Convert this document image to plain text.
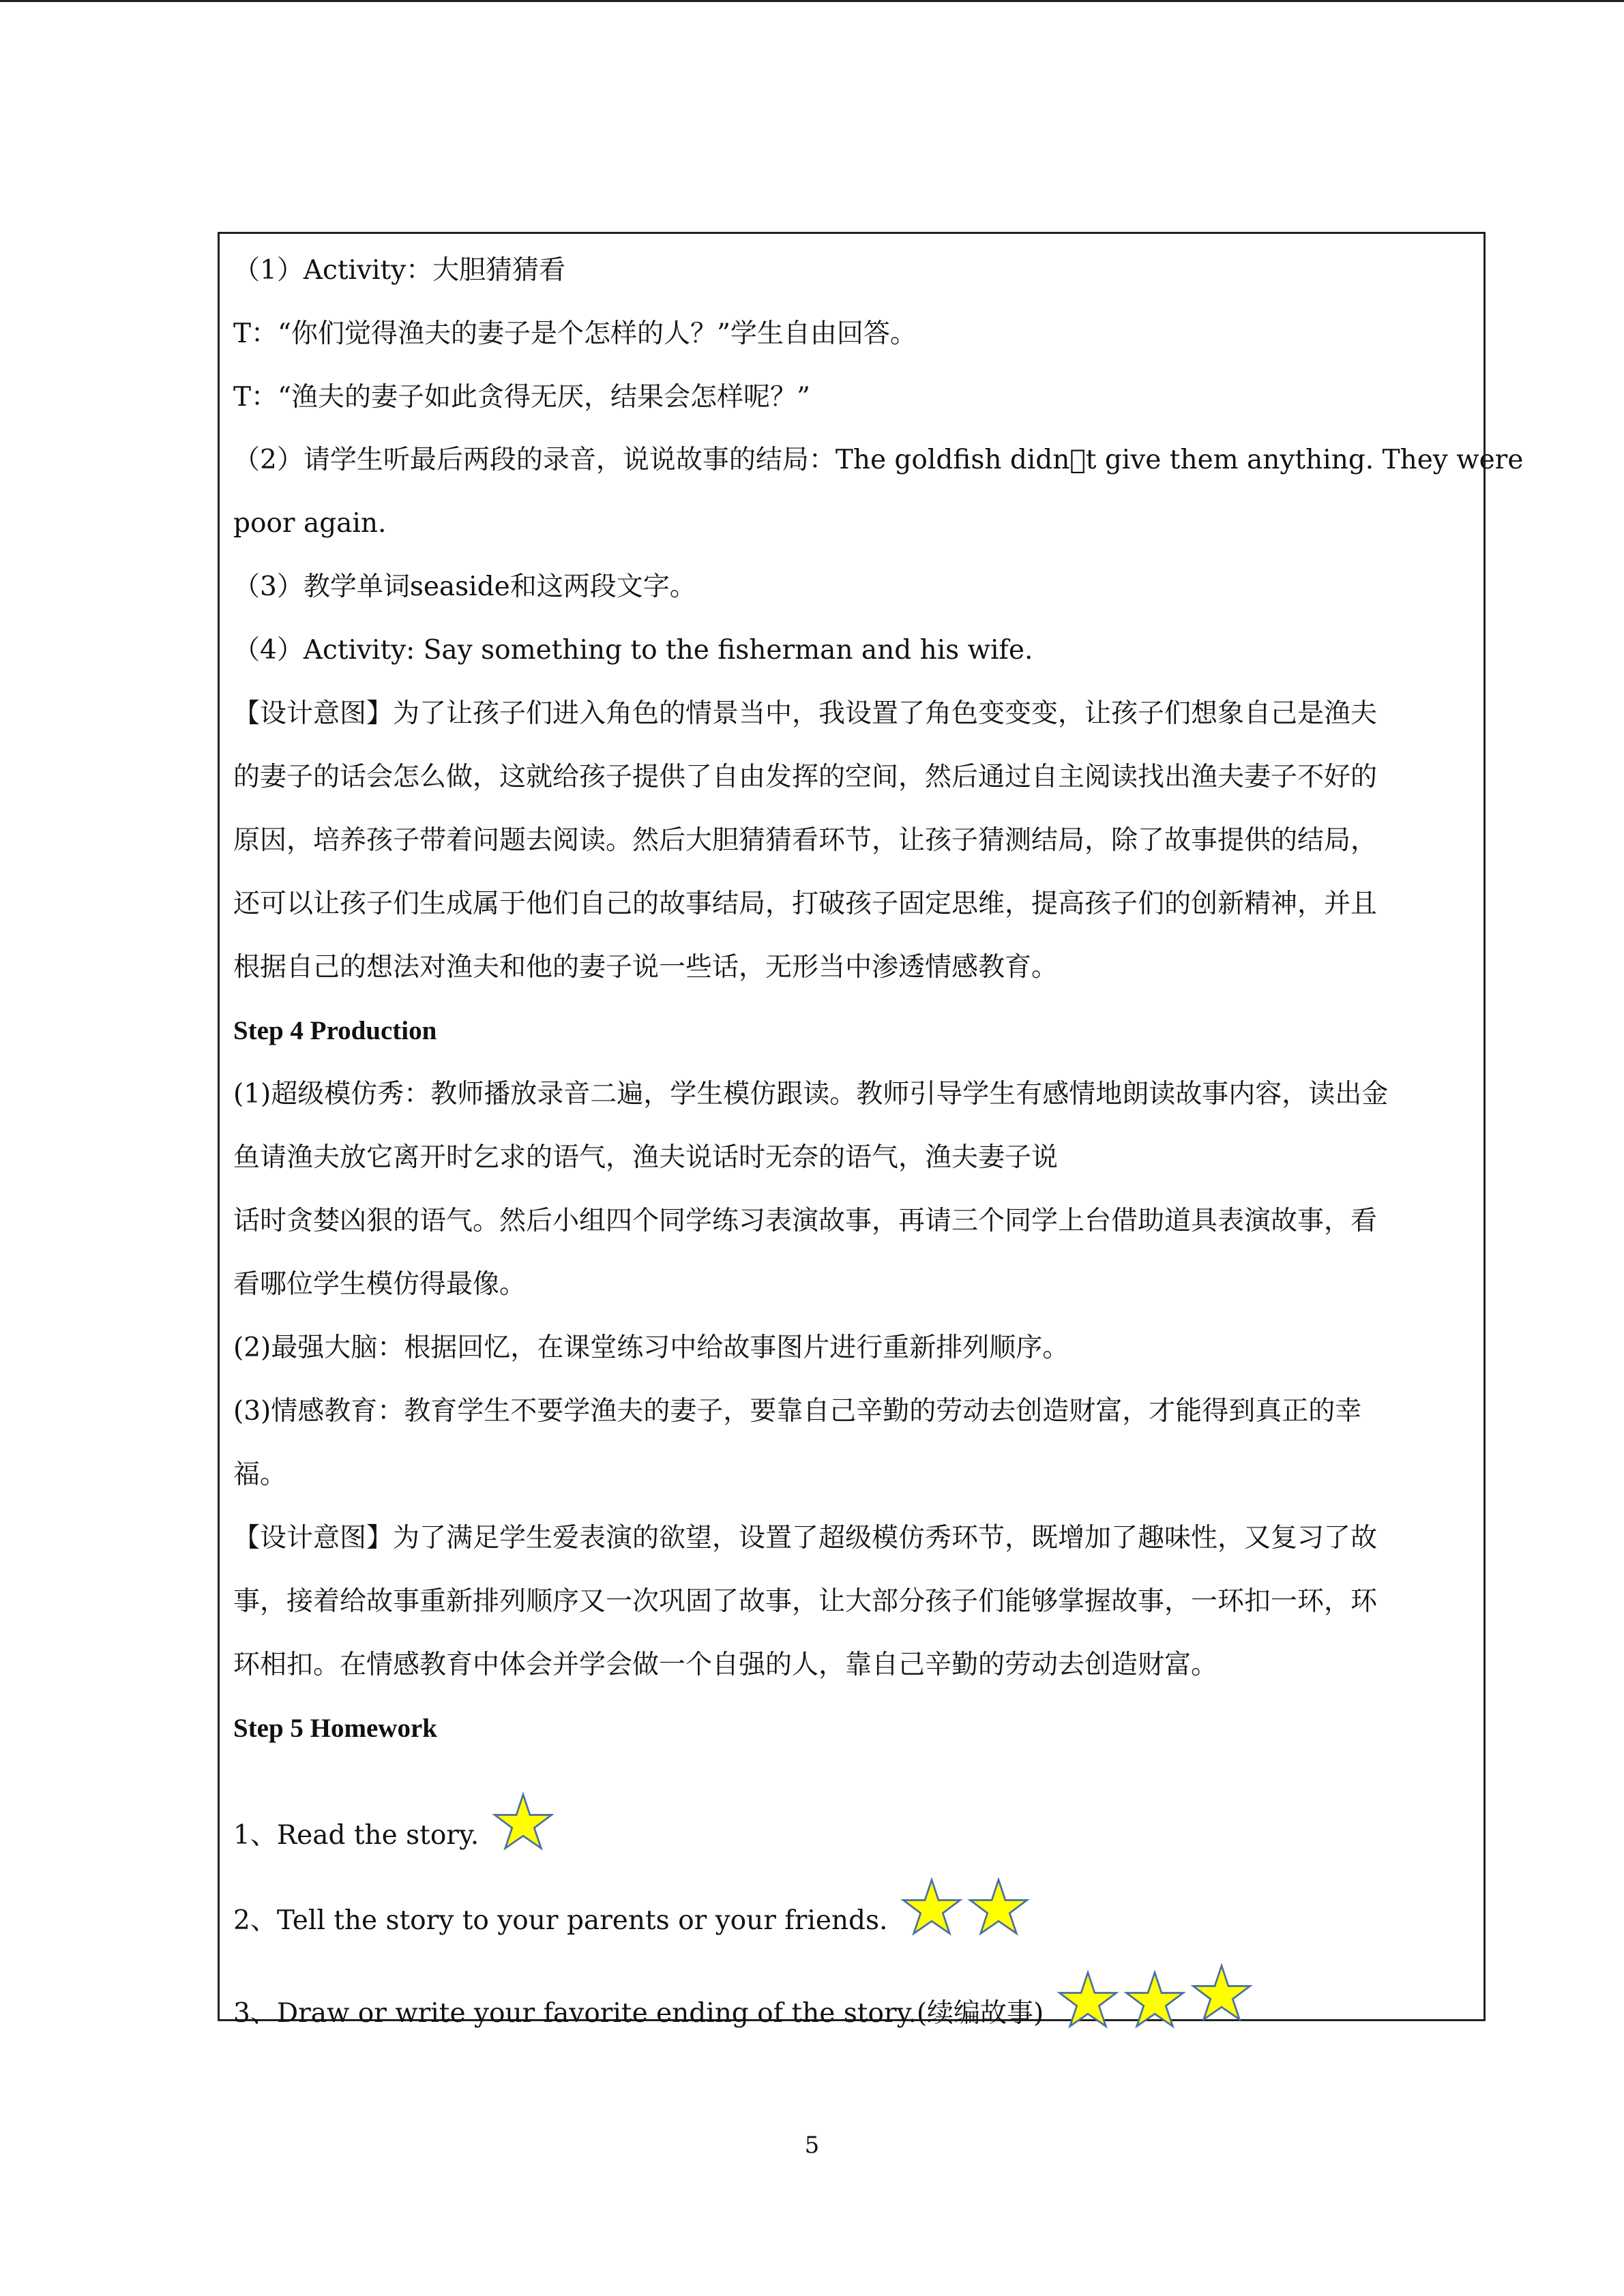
（1）Activity：大胆猜猜看
T：“你们觉得渔夫的妻子是个怎样的人？”学生自由回答。
T：“渔夫的妻子如此贪得无厌，结果会怎样呢？”
（2）请学生听最后两段的录音，说说故事的结局：The goldfish didn t give them anything. They were
poor again.
（3）教学单词seaside和这两段文字。
（4）Activity: Say something to the fisherman and his wife.
【设计意图】为了让孩子们进入角色的情景当中，我设置了角色变变变，让孩子们想象自己是渔夫
的妻子的话会怎么做，这就给孩子提供了自由发挥的空间，然后通过自主阅读找出渔夫妻子不好的
原因，培养孩子带着问题去阅读。然后大胆猜猜看环节，让孩子猜测结局，除了故事提供的结局，
还可以让孩子们生成属于他们自己的故事结局，打破孩子固定思维，提高孩子们的创新精神，并且
根据自己的想法对渔夫和他的妻子说一些话，无形当中渗透情感教育。
Step 4 Production
(1)超级模仿秀：教师播放录音二遍，学生模仿跟读。教师引导学生有感情地朗读故事内容，读出金
鱼请渔夫放它离开时乞求的语气，渔夫说话时无奈的语气，渔夫妻子说
话时贪婪凶狠的语气。然后小组四个同学练习表演故事，再请三个同学上台借助道具表演故事，看
看哪位学生模仿得最像。
(2)最强大脑：根据回忆，在课堂练习中给故事图片进行重新排列顺序。
(3)情感教育：教育学生不要学渔夫的妻子，要靠自己辛勤的劳动去创造财富，才能得到真正的幸
福。
【设计意图】为了满足学生爱表演的欲望，设置了超级模仿秀环节，既增加了趣味性，又复习了故
事，接着给故事重新排列顺序又一次巩固了故事，让大部分孩子们能够掌握故事，一环扣一环，环
环相扣。在情感教育中体会并学会做一个自强的人，靠自己辛勤的劳动去创造财富。
Step 5 Homework
1、Read the story.
2、Tell the story to your parents or your friends.
3、Draw or write your favorite ending of the story.(续编故事)
5
